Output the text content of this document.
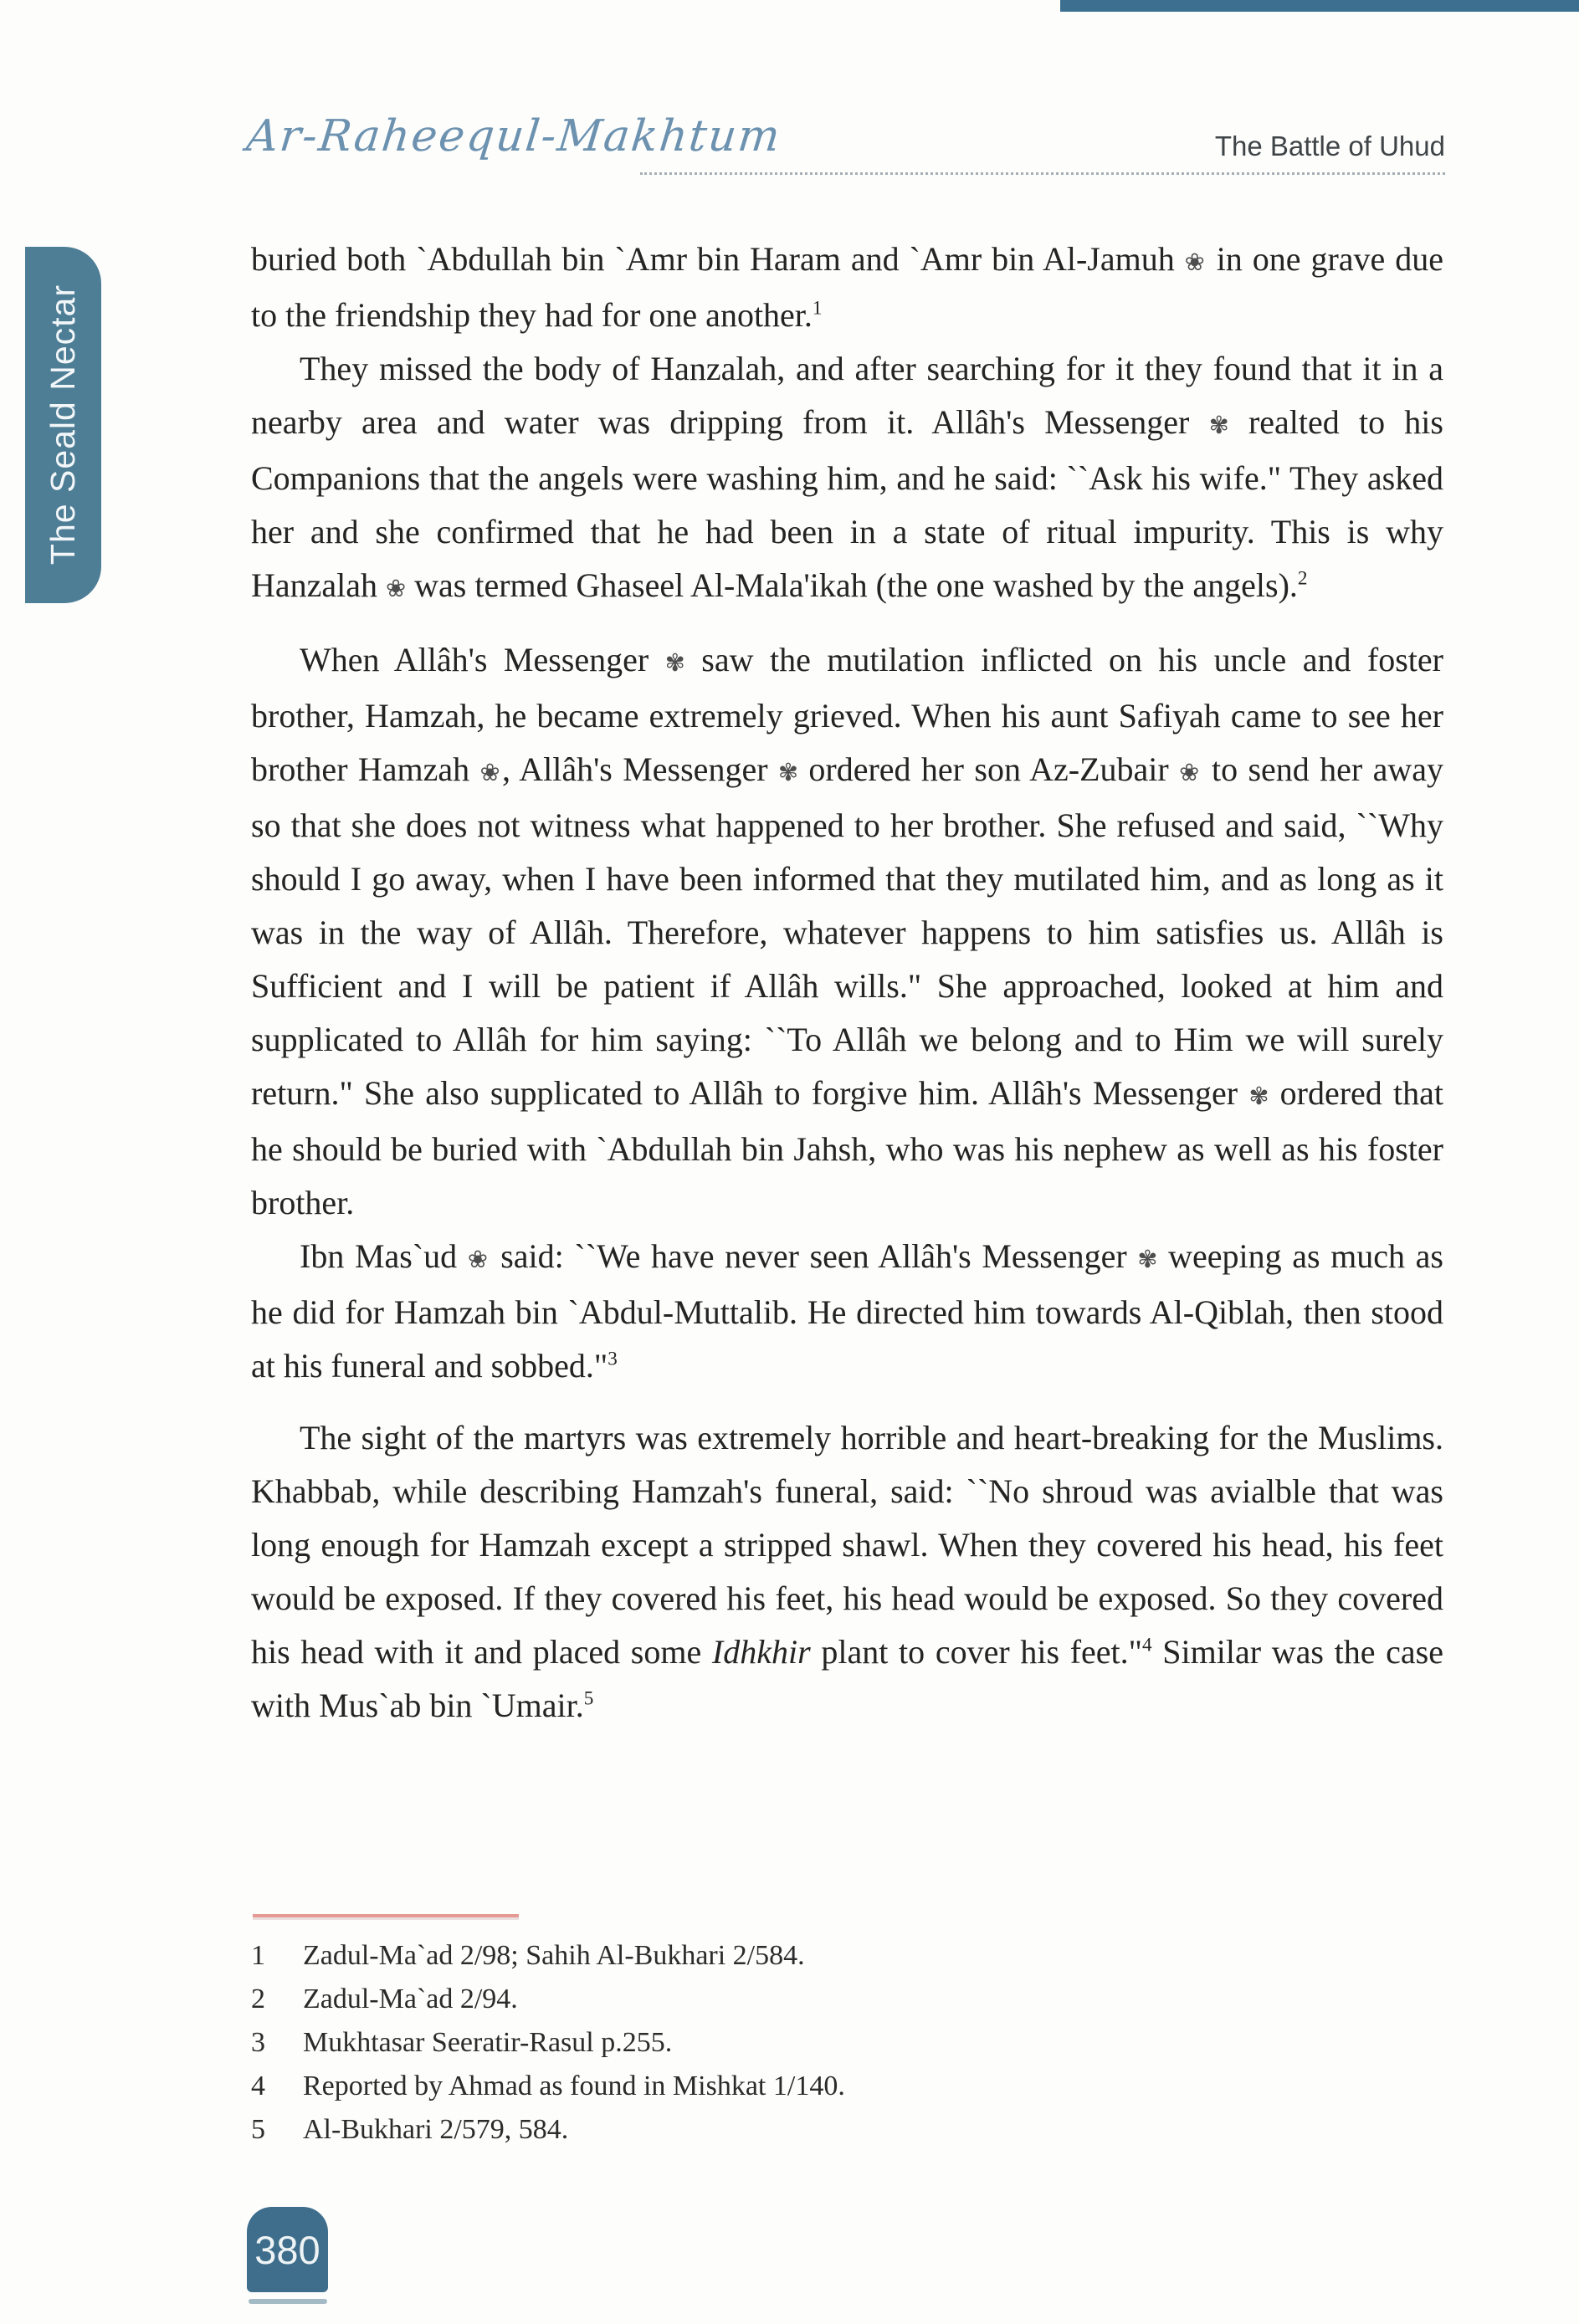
Ar-Raheequl-Makhtum	The Battle of Uhud
The Seald Nectar

buried both `Abdullah bin `Amr bin Haram and `Amr bin Al-Jamuh ❀ in one grave due to the friendship they had for one another.$^1$

They missed the body of Hanzalah, and after searching for it they found that it in a nearby area and water was dripping from it. Allâh's Messenger ✾ realted to his Companions that the angels were washing him, and he said: ``Ask his wife." They asked her and she confirmed that he had been in a state of ritual impurity. This is why Hanzalah ❀ was termed Ghaseel Al-Mala'ikah (the one washed by the angels).$^2$

When Allâh's Messenger ✾ saw the mutilation inflicted on his uncle and foster brother, Hamzah, he became extremely grieved. When his aunt Safiyah came to see her brother Hamzah ❀, Allâh's Messenger ✾ ordered her son Az-Zubair ❀ to send her away so that she does not witness what happened to her brother. She refused and said, ``Why should I go away, when I have been informed that they mutilated him, and as long as it was in the way of Allâh. Therefore, whatever happens to him satisfies us. Allâh is Sufficient and I will be patient if Allâh wills." She approached, looked at him and supplicated to Allâh for him saying: ``To Allâh we belong and to Him we will surely return." She also supplicated to Allâh to forgive him. Allâh's Messenger ✾ ordered that he should be buried with `Abdullah bin Jahsh, who was his nephew as well as his foster brother.

Ibn Mas`ud ❀ said: ``We have never seen Allâh's Messenger ✾ weeping as much as he did for Hamzah bin `Abdul-Muttalib. He directed him towards Al-Qiblah, then stood at his funeral and sobbed."$^3$

The sight of the martyrs was extremely horrible and heart-breaking for the Muslims. Khabbab, while describing Hamzah's funeral, said: ``No shroud was avialble that was long enough for Hamzah except a stripped shawl. When they covered his head, his feet would be exposed. If they covered his feet, his head would be exposed. So they covered his head with it and placed some Idhkhir plant to cover his feet."$^4$ Similar was the case with Mus`ab bin `Umair.$^5$

1	Zadul-Ma`ad 2/98; Sahih Al-Bukhari 2/584.
2	Zadul-Ma`ad 2/94.
3	Mukhtasar Seeratir-Rasul p.255.
4	Reported by Ahmad as found in Mishkat 1/140.
5	Al-Bukhari 2/579, 584.
380
